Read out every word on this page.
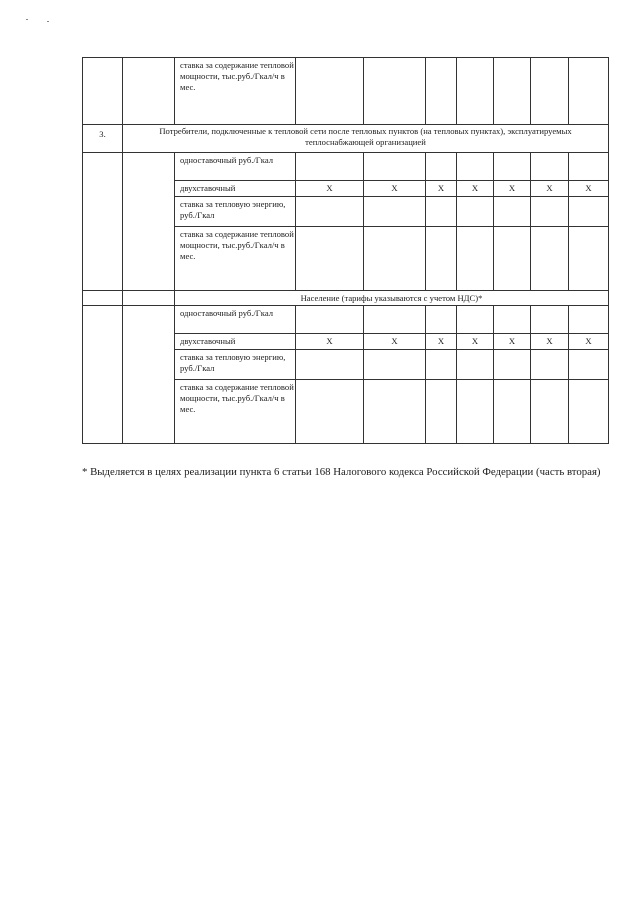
		ставка за содержание тепловой мощности, тыс.руб./Гкал/ч в мес.							
3.	Потребители, подключенные к тепловой сети после тепловых пунктов (на тепловых пунктах), эксплуатируемых теплоснабжающей организацией								
		одноставочный руб./Гкал							
		двухставочный	X	X	X	X	X	X	X
		ставка за тепловую энергию, руб./Гкал							
		ставка за содержание тепловой мощности, тыс.руб./Гкал/ч в мес.							
		Население (тарифы указываются с учетом НДС)*							
		одноставочный руб./Гкал							
		двухставочный	X	X	X	X	X	X	X
		ставка за тепловую энергию, руб./Гкал							
		ставка за содержание тепловой мощности, тыс.руб./Гкал/ч в мес.							
* Выделяется в целях реализации пункта 6 статьи 168 Налогового кодекса Российской Федерации (часть вторая)
